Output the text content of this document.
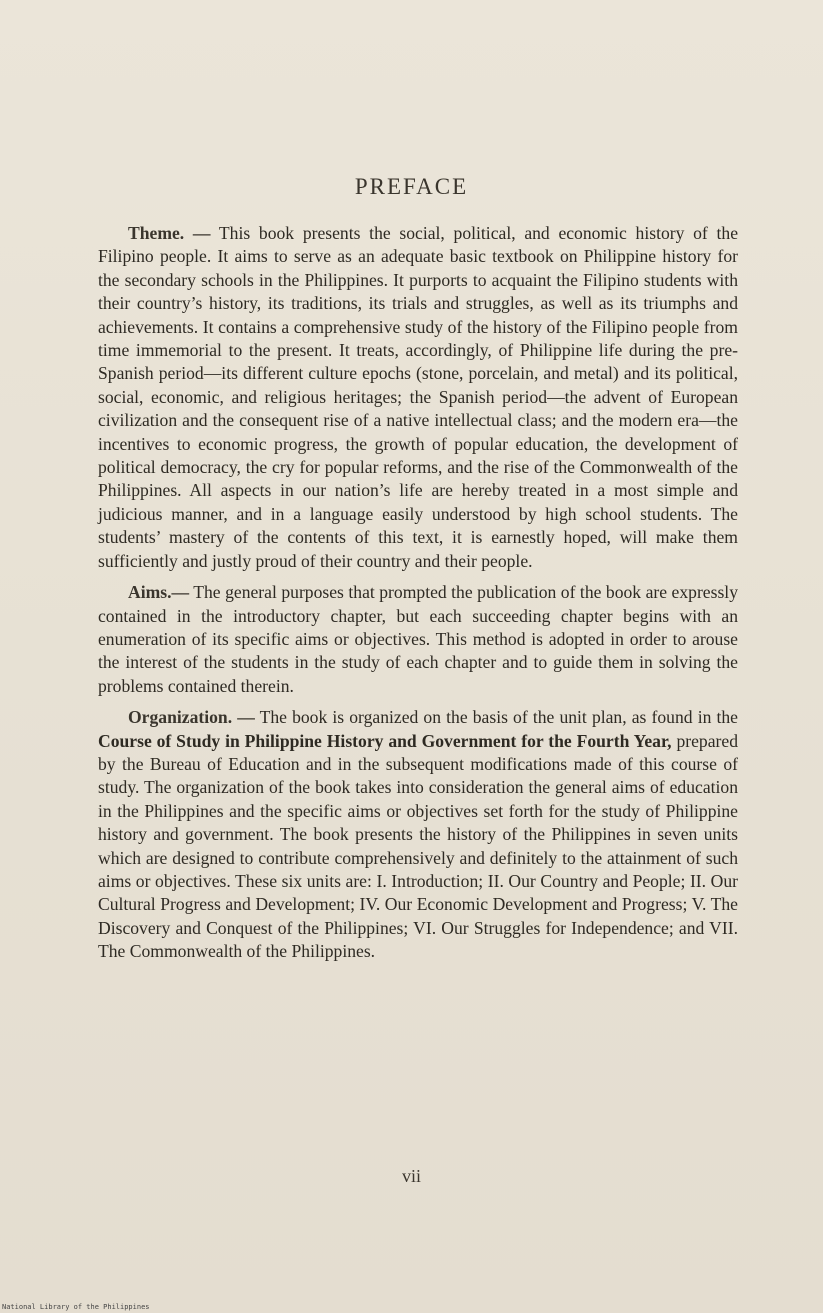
PREFACE

Theme. — This book presents the social, political, and economic history of the Filipino people. It aims to serve as an adequate basic textbook on Philippine history for the secondary schools in the Philippines. It purports to acquaint the Filipino students with their country’s history, its traditions, its trials and struggles, as well as its triumphs and achievements. It contains a comprehensive study of the history of the Filipino people from time immemorial to the present. It treats, accordingly, of Philippine life during the pre-Spanish period—its different culture epochs (stone, porcelain, and metal) and its political, social, economic, and religious heritages; the Spanish period—the advent of European civilization and the consequent rise of a native intellectual class; and the modern era—the incentives to economic progress, the growth of popular education, the development of political democracy, the cry for popular reforms, and the rise of the Commonwealth of the Philippines. All aspects in our nation’s life are hereby treated in a most simple and judicious manner, and in a language easily understood by high school students. The students’ mastery of the contents of this text, it is earnestly hoped, will make them sufficiently and justly proud of their country and their people.

Aims.— The general purposes that prompted the publication of the book are expressly contained in the introductory chapter, but each succeeding chapter begins with an enumeration of its specific aims or objectives. This method is adopted in order to arouse the interest of the students in the study of each chapter and to guide them in solving the problems contained therein.

Organization. — The book is organized on the basis of the unit plan, as found in the Course of Study in Philippine History and Government for the Fourth Year, prepared by the Bureau of Education and in the subsequent modifications made of this course of study. The organization of the book takes into consideration the general aims of education in the Philippines and the specific aims or objectives set forth for the study of Philippine history and government. The book presents the history of the Philippines in seven units which are designed to contribute comprehensively and definitely to the attainment of such aims or objectives. These six units are: I. Introduction; II. Our Country and People; II. Our Cultural Progress and Development; IV. Our Economic Development and Progress; V. The Discovery and Conquest of the Philippines; VI. Our Struggles for Independence; and VII. The Commonwealth of the Philippines.

vii
National Library of the Philippines
